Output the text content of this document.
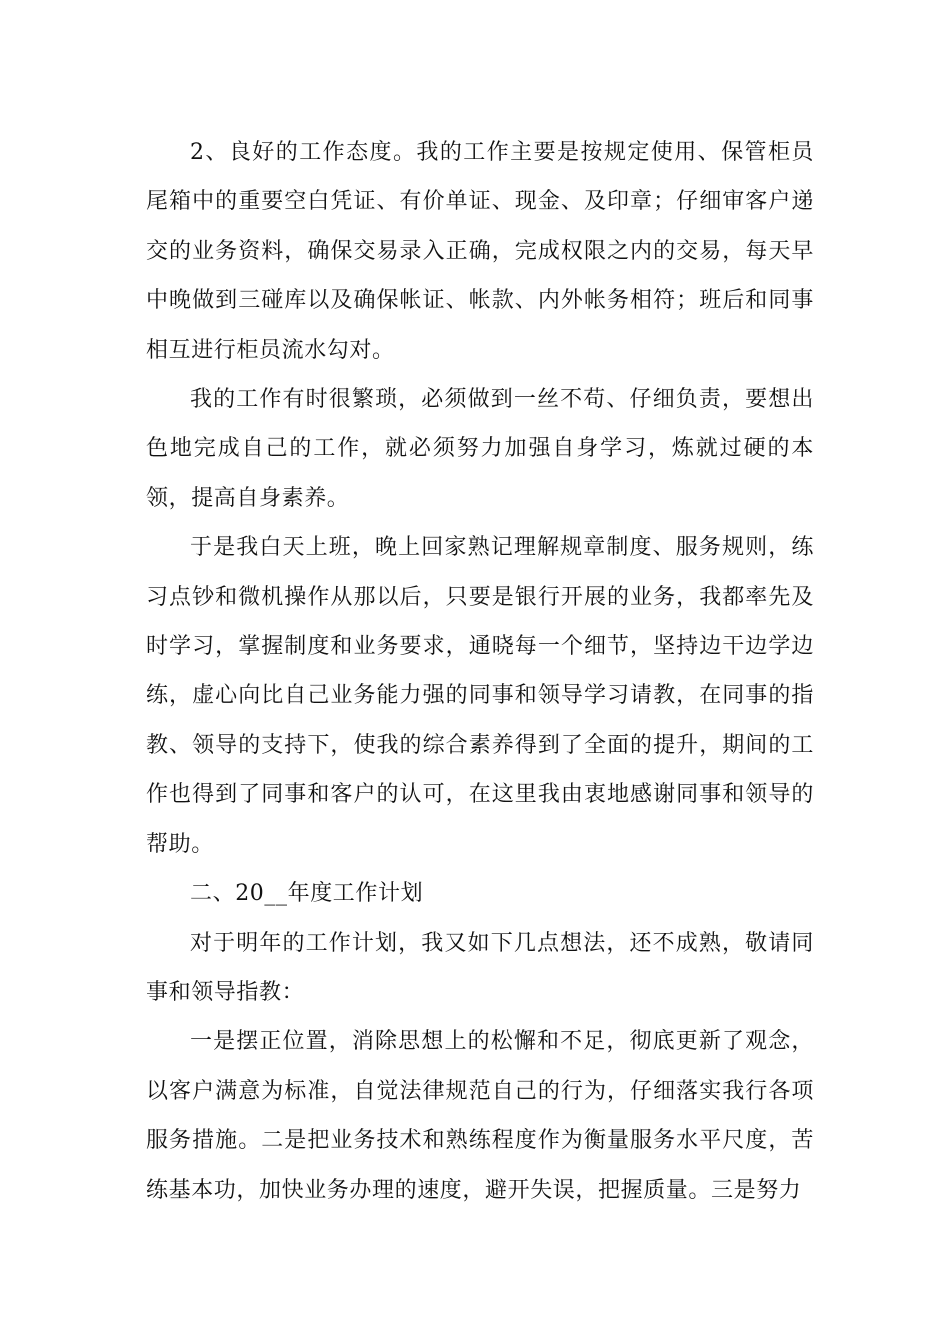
2、良好的工作态度。我的工作主要是按规定使用、保管柜员尾箱中的重要空白凭证、有价单证、现金、及印章；仔细审客户递交的业务资料，确保交易录入正确，完成权限之内的交易，每天早中晚做到三碰库以及确保帐证、帐款、内外帐务相符；班后和同事相互进行柜员流水勾对。

我的工作有时很繁琐，必须做到一丝不苟、仔细负责，要想出色地完成自己的工作，就必须努力加强自身学习，炼就过硬的本领，提高自身素养。

于是我白天上班，晚上回家熟记理解规章制度、服务规则，练习点钞和微机操作从那以后，只要是银行开展的业务，我都率先及时学习，掌握制度和业务要求，通晓每一个细节，坚持边干边学边练，虚心向比自己业务能力强的同事和领导学习请教，在同事的指教、领导的支持下，使我的综合素养得到了全面的提升，期间的工作也得到了同事和客户的认可，在这里我由衷地感谢同事和领导的帮助。

二、20__年度工作计划

对于明年的工作计划，我又如下几点想法，还不成熟，敬请同事和领导指教：

一是摆正位置，消除思想上的松懈和不足，彻底更新了观念，以客户满意为标准，自觉法律规范自己的行为，仔细落实我行各项服务措施。二是把业务技术和熟练程度作为衡量服务水平尺度，苦练基本功，加快业务办理的速度，避开失误，把握质量。三是努力
